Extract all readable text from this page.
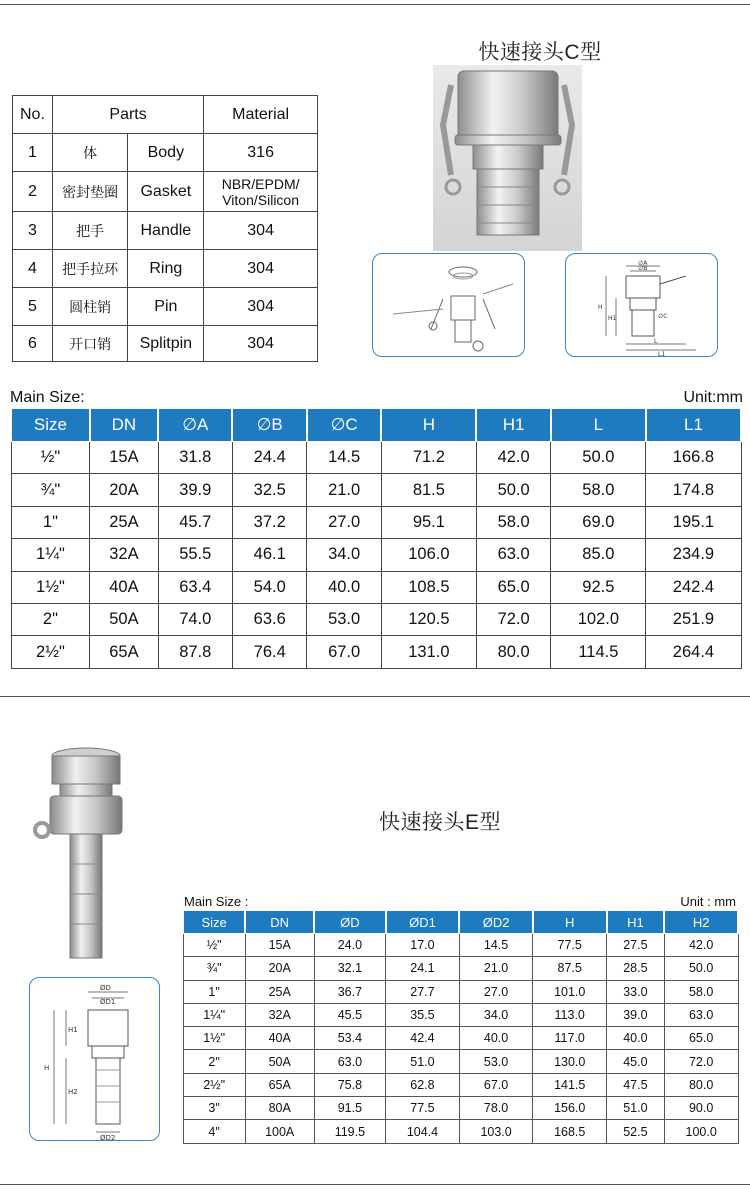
快速接头C型
No.	Parts		Material
1	体	Body	316
2	密封垫圈	Gasket	NBR/EPDM/
Viton/Silicon

3	把手	Handle	304
4	把手拉环	Ring	304
5	圆柱销	Pin	304
6	开口销	Splitpin	304
∅A
∅B
∅C
H
H1
L
L1
Main Size:	Unit:mm
Size	DN	∅A	∅B	∅C	H	H1	L	L1
½"	15A	31.8	24.4	14.5	71.2	42.0	50.0	166.8
¾"	20A	39.9	32.5	21.0	81.5	50.0	58.0	174.8
1"	25A	45.7	37.2	27.0	95.1	58.0	69.0	195.1
1¼"	32A	55.5	46.1	34.0	106.0	63.0	85.0	234.9
1½"	40A	63.4	54.0	40.0	108.5	65.0	92.5	242.4
2"	50A	74.0	63.6	53.0	120.5	72.0	102.0	251.9
2½"	65A	87.8	76.4	67.0	131.0	80.0	114.5	264.4
快速接头E型
ØD
ØD1
ØD2
H
H1
H2
Main Size :	Unit : mm
Size	DN	ØD	ØD1	ØD2	H	H1	H2
½"	15A	24.0	17.0	14.5	77.5	27.5	42.0
¾"	20A	32.1	24.1	21.0	87.5	28.5	50.0
1"	25A	36.7	27.7	27.0	101.0	33.0	58.0
1¼"	32A	45.5	35.5	34.0	113.0	39.0	63.0
1½"	40A	53.4	42.4	40.0	117.0	40.0	65.0
2"	50A	63.0	51.0	53.0	130.0	45.0	72.0
2½"	65A	75.8	62.8	67.0	141.5	47.5	80.0
3"	80A	91.5	77.5	78.0	156.0	51.0	90.0
4"	100A	119.5	104.4	103.0	168.5	52.5	100.0
